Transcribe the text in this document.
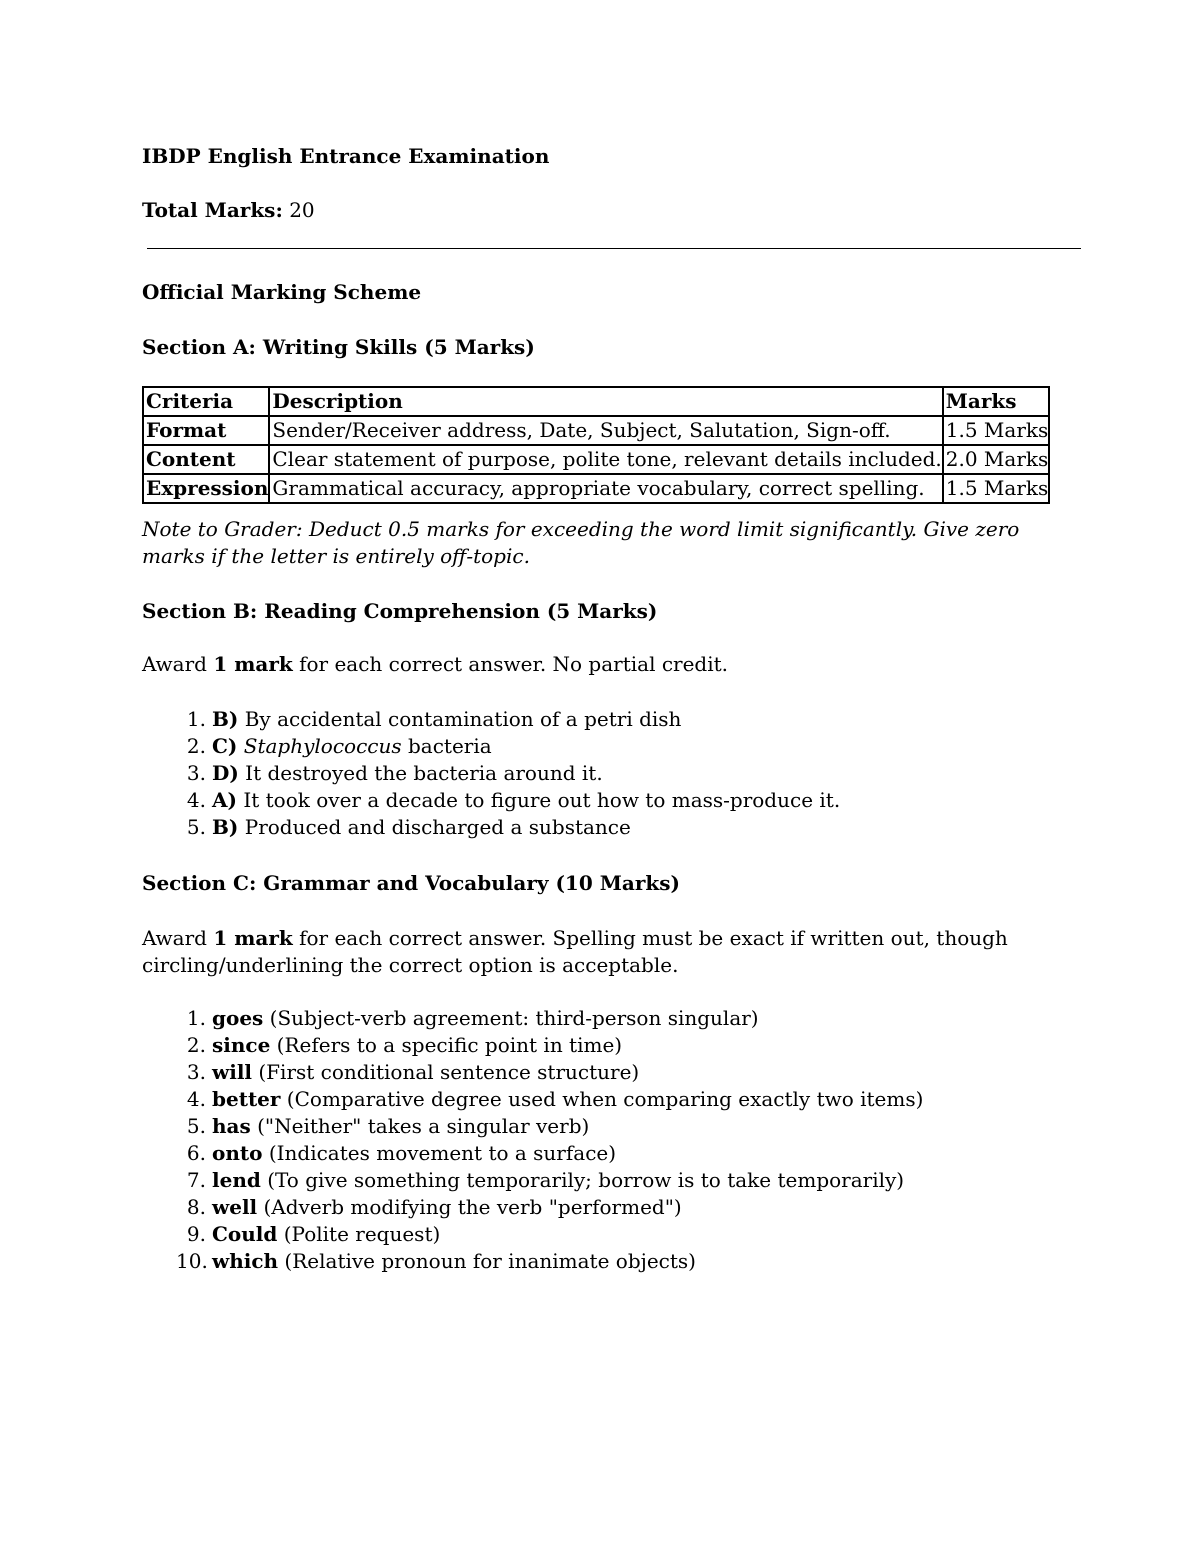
IBDP English Entrance Examination
Total Marks: 20
Official Marking Scheme
Section A: Writing Skills (5 Marks)
Criteria	Description	Marks
Format	Sender/Receiver address, Date, Subject, Salutation, Sign-off.	1.5 Marks
Content	Clear statement of purpose, polite tone, relevant details included.	2.0 Marks
Expression	Grammatical accuracy, appropriate vocabulary, correct spelling.	1.5 Marks
Note to Grader: Deduct 0.5 marks for exceeding the word limit significantly. Give zero marks if the letter is entirely off-topic.
Section B: Reading Comprehension (5 Marks)
Award 1 mark for each correct answer. No partial credit.
1. B) By accidental contamination of a petri dish
2. C) Staphylococcus bacteria
3. D) It destroyed the bacteria around it.
4. A) It took over a decade to figure out how to mass-produce it.
5. B) Produced and discharged a substance
Section C: Grammar and Vocabulary (10 Marks)
Award 1 mark for each correct answer. Spelling must be exact if written out, though
circling/underlining the correct option is acceptable.
1. goes (Subject-verb agreement: third-person singular)
2. since (Refers to a specific point in time)
3. will (First conditional sentence structure)
4. better (Comparative degree used when comparing exactly two items)
5. has ("Neither" takes a singular verb)
6. onto (Indicates movement to a surface)
7. lend (To give something temporarily; borrow is to take temporarily)
8. well (Adverb modifying the verb "performed")
9. Could (Polite request)
10. which (Relative pronoun for inanimate objects)
